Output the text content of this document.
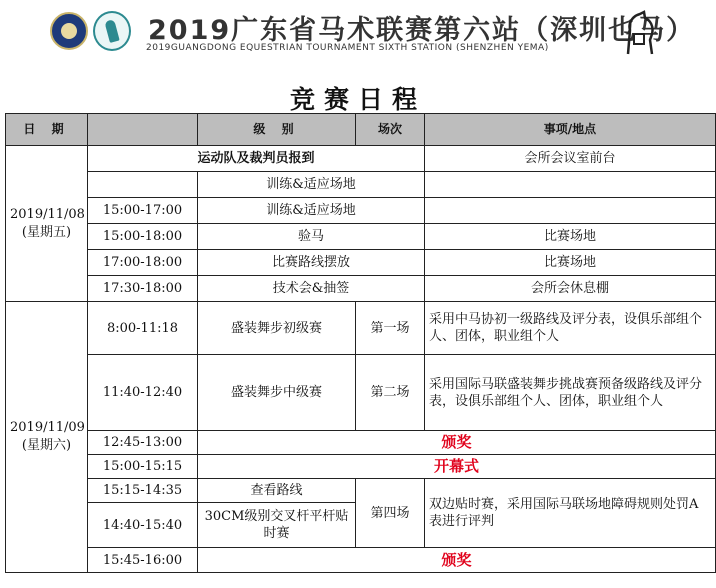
2019广东省马术联赛第六站（深圳也马）
2019GUANGDONG EQUESTRIAN TOURNAMENT SIXTH STATION (SHENZHEN YEMA)
竞赛日程
日 期		级 别	场次	事项/地点

2019/11/08
(星期五)	运动队及裁判员报到			会所会议室前台
		训练&适应场地		
	15:00-17:00	训练&适应场地		
	15:00-18:00	验马		比赛场地
	17:00-18:00	比赛路线摆放		比赛场地
	17:30-18:00	技术会&抽签		会所会休息棚

2019/11/09
(星期六)	8:00-11:18	盛装舞步初级赛	第一场	采用中马协初一级路线及评分表，设俱乐部组个人、团体，职业组个人
	11:40-12:40	盛装舞步中级赛	第二场	采用国际马联盛装舞步挑战赛预备级路线及评分表，设俱乐部组个人、团体，职业组个人
	12:45-13:00	颁奖		
	15:00-15:15	开幕式		
	15:15-14:35	查看路线	第四场	双边贴时赛，采用国际马联场地障碍规则处罚A表进行评判
	14:40-15:40	30CM级别交叉杆平杆贴时赛		
	15:45-16:00	颁奖		
